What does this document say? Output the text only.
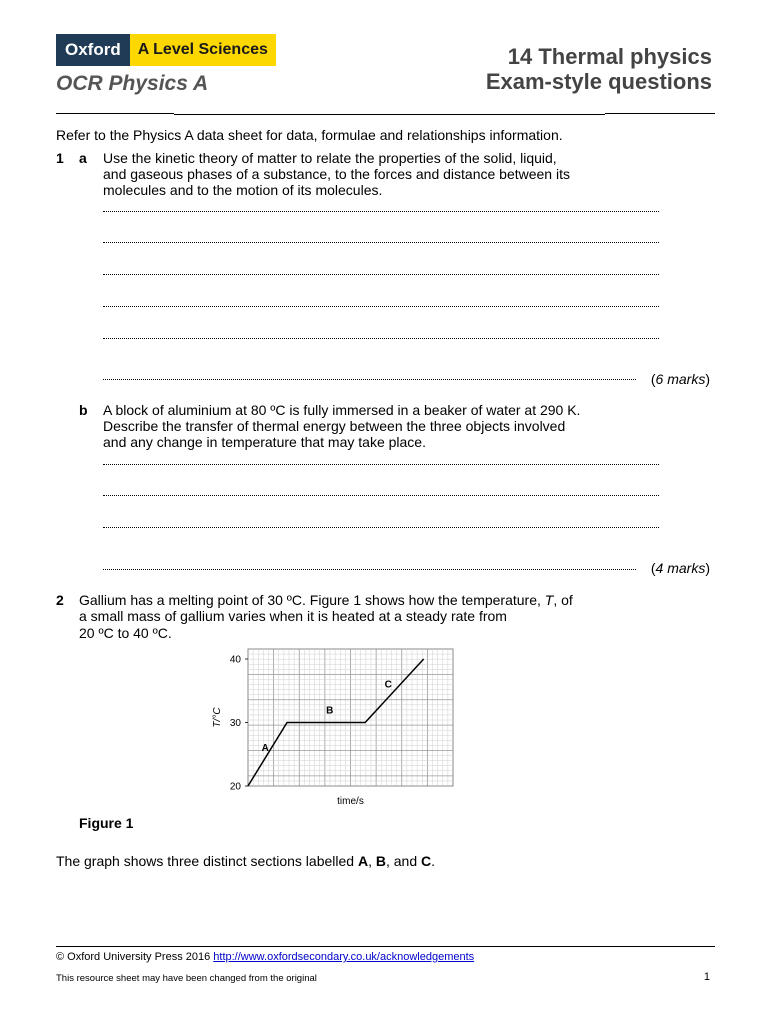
Oxford	A Level Sciences
OCR Physics A
14 Thermal physics
Exam-style questions
Refer to the Physics A data sheet for data, formulae and relationships information.
1 a Use the kinetic theory of matter to relate the properties of the solid, liquid,
and gaseous phases of a substance, to the forces and distance between its
molecules and to the motion of its molecules.
(6 marks)
b A block of aluminium at 80 ºC is fully immersed in a beaker of water at 290 K.
Describe the transfer of thermal energy between the three objects involved
and any change in temperature that may take place.
(4 marks)
2 Gallium has a melting point of 30 ºC. Figure 1 shows how the temperature, T, of
a small mass of gallium varies when it is heated at a steady rate from
20 ºC to 40 ºC.
20
30
40
T/°C
time/s
A
B
C
Figure 1
The graph shows three distinct sections labelled A, B, and C.
© Oxford University Press 2016 http://www.oxfordsecondary.co.uk/acknowledgements
This resource sheet may have been changed from the original	1
